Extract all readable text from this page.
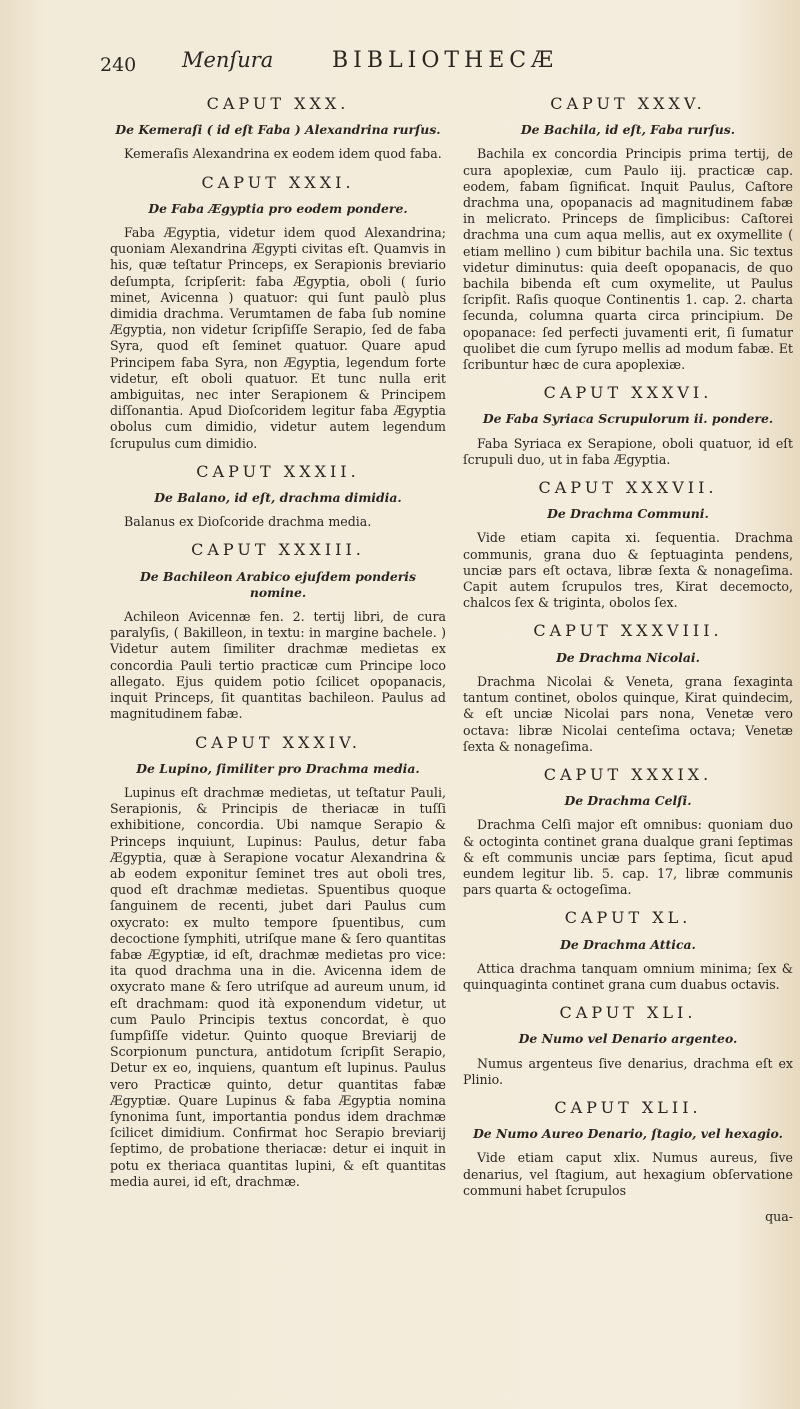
240 Menſura	BIBLIOTHECÆ
CAPUT XXX.
De Kemeraſi ( id eſt Faba ) Alexandrina rurſus.

Kemeraſis Alexandrina ex eodem idem quod faba.

CAPUT XXXI.
De Faba Ægyptia pro eodem pondere.

Faba Ægyptia, videtur idem quod Alexandrina; quoniam Alexandrina Ægypti civitas eſt. Quamvis in his, quæ teſtatur Princeps, ex Serapionis breviario deſumpta, ſcripſerit: faba Ægyptia, oboli ( ſurio minet, Avicenna ) quatuor: qui ſunt paulò plus dimidia drachma. Verumtamen de faba ſub nomine Ægyptia, non videtur ſcripſiſſe Serapio, ſed de faba Syra, quod eſt ſeminet quatuor. Quare apud Principem faba Syra, non Ægyptia, legendum forte videtur, eſt oboli quatuor. Et tunc nulla erit ambiguitas, nec inter Serapionem & Principem diſſonantia. Apud Dioſcoridem legitur faba Ægyptia obolus cum dimidio, videtur autem legendum ſcrupulus cum dimidio.

CAPUT XXXII.
De Balano, id eſt, drachma dimidia.

Balanus ex Dioſcoride drachma media.

CAPUT XXXIII.
De Bachileon Arabico ejuſdem ponderis nomine.

Achileon Avicennæ fen. 2. tertij libri, de cura paralyſis, ( Bakilleon, in textu: in margine bachele. ) Videtur autem ſimiliter drachmæ medietas ex concordia Pauli tertio practicæ cum Principe loco allegato. Ejus quidem potio ſcilicet opopanacis, inquit Princeps, ſit quantitas bachileon. Paulus ad magnitudinem fabæ.

CAPUT XXXIV.
De Lupino, ſimiliter pro Drachma media.

Lupinus eſt drachmæ medietas, ut teſtatur Pauli, Serapionis, & Principis de theriacæ in tuſſi exhibitione, concordia. Ubi namque Serapio & Princeps inquiunt, Lupinus: Paulus, detur faba Ægyptia, quæ à Serapione vocatur Alexandrina & ab eodem exponitur ſeminet tres aut oboli tres, quod eſt drachmæ medietas. Spuentibus quoque ſanguinem de recenti, jubet dari Paulus cum oxycrato: ex multo tempore ſpuentibus, cum decoctione ſymphiti, utriſque mane & ſero quantitas fabæ Ægyptiæ, id eſt, drachmæ medietas pro vice: ita quod drachma una in die. Avicenna idem de oxycrato mane & ſero utriſque ad aureum unum, id eſt drachmam: quod ità exponendum videtur, ut cum Paulo Principis textus concordat, è quo ſumpſiſſe videtur. Quinto quoque Breviarij de Scorpionum punctura, antidotum ſcripſit Serapio, Detur ex eo, inquiens, quantum eſt lupinus. Paulus vero Practicæ quinto, detur quantitas fabæ Ægyptiæ. Quare Lupinus & faba Ægyptia nomina ſynonima ſunt, importantia pondus idem drachmæ ſcilicet dimidium. Confirmat hoc Serapio breviarij ſeptimo, de probatione theriacæ: detur ei inquit in potu ex theriaca quantitas lupini, & eſt quantitas media aurei, id eſt, drachmæ.

CAPUT XXXV.
De Bachila, id eſt, Faba rurſus.

Bachila ex concordia Principis prima tertij, de cura apoplexiæ, cum Paulo iij. practicæ cap. eodem, fabam ſignificat. Inquit Paulus, Caſtore drachma una, opopanacis ad magnitudinem fabæ in melicrato. Princeps de ſimplicibus: Caſtorei drachma una cum aqua mellis, aut ex oxymellite ( etiam mellino ) cum bibitur bachila una. Sic textus videtur diminutus: quia deeſt opopanacis, de quo bachila bibenda eſt cum oxymelite, ut Paulus ſcripſit. Raſis quoque Continentis 1. cap. 2. charta ſecunda, columna quarta circa principium. De opopanace: ſed perfecti juvamenti erit, ſi ſumatur quolibet die cum ſyrupo mellis ad modum fabæ. Et ſcribuntur hæc de cura apoplexiæ.

CAPUT XXXVI.
De Faba Syriaca Scrupulorum ii. pondere.

Faba Syriaca ex Serapione, oboli quatuor, id eſt ſcrupuli duo, ut in faba Ægyptia.

CAPUT XXXVII.
De Drachma Communi.

Vide etiam capita xi. ſequentia. Drachma communis, grana duo & ſeptuaginta pendens, unciæ pars eſt octava, libræ ſexta & nonageſima. Capit autem ſcrupulos tres, Kirat decemocto, chalcos ſex & triginta, obolos ſex.

CAPUT XXXVIII.
De Drachma Nicolai.

Drachma Nicolai & Veneta, grana ſexaginta tantum continet, obolos quinque, Kirat quindecim, & eſt unciæ Nicolai pars nona, Venetæ vero octava: libræ Nicolai centeſima octava; Venetæ ſexta & nonageſima.

CAPUT XXXIX.
De Drachma Celſi.

Drachma Celſi major eſt omnibus: quoniam duo & octoginta continet grana dualque grani ſeptimas & eſt communis unciæ pars ſeptima, ſicut apud eundem legitur lib. 5. cap. 17, libræ communis pars quarta & octogeſima.

CAPUT XL.
De Drachma Attica.

Attica drachma tanquam omnium minima; ſex & quinquaginta continet grana cum duabus octavis.

CAPUT XLI.
De Numo vel Denario argenteo.

Numus argenteus ſive denarius, drachma eſt ex Plinio.

CAPUT XLII.
De Numo Aureo Denario, ſtagio, vel hexagio.

Vide etiam caput xlix. Numus aureus, ſive denarius, vel ſtagium, aut hexagium obſervatione communi habet ſcrupulos

qua-
